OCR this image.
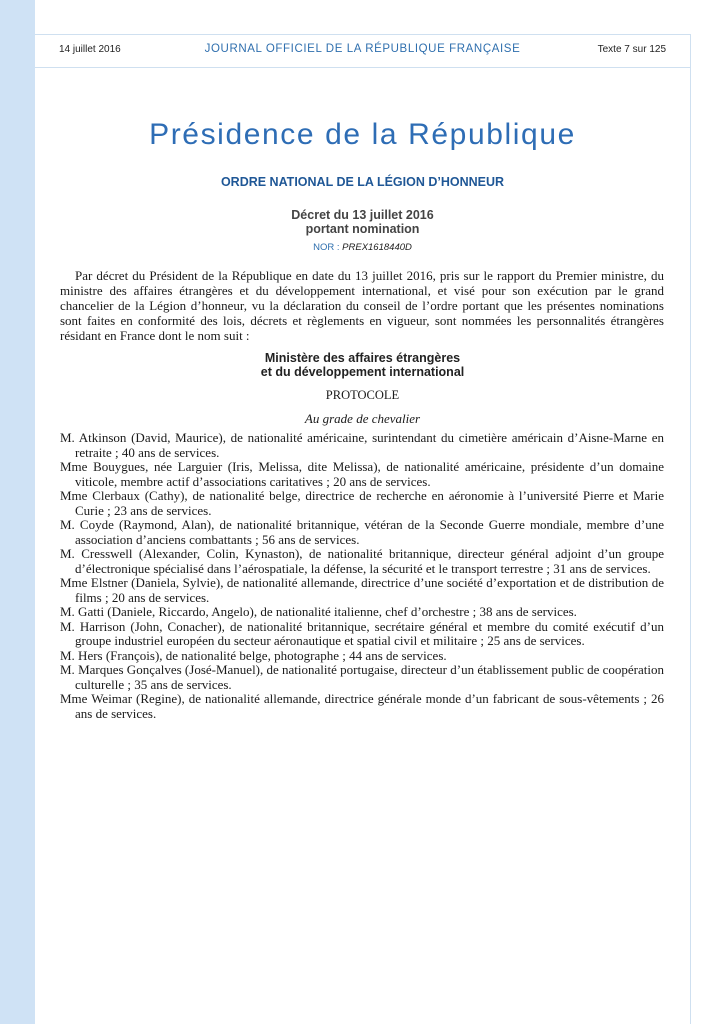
14 juillet 2016	JOURNAL OFFICIEL DE LA RÉPUBLIQUE FRANÇAISE	Texte 7 sur 125
Présidence de la République
ORDRE NATIONAL DE LA LÉGION D’HONNEUR
Décret du 13 juillet 2016
portant nomination
NOR : PREX1618440D

Par décret du Président de la République en date du 13 juillet 2016, pris sur le rapport du Premier ministre, du ministre des affaires étrangères et du développement international, et visé pour son exécution par le grand chancelier de la Légion d’honneur, vu la déclaration du conseil de l’ordre portant que les présentes nominations sont faites en conformité des lois, décrets et règlements en vigueur, sont nommées les personnalités étrangères résidant en France dont le nom suit :

Ministère des affaires étrangères
et du développement international
PROTOCOLE
Au grade de chevalier
M. Atkinson (David, Maurice), de nationalité américaine, surintendant du cimetière américain d’Aisne-Marne en retraite ; 40 ans de services.
Mme Bouygues, née Larguier (Iris, Melissa, dite Melissa), de nationalité américaine, présidente d’un domaine viticole, membre actif d’associations caritatives ; 20 ans de services.
Mme Clerbaux (Cathy), de nationalité belge, directrice de recherche en aéronomie à l’université Pierre et Marie Curie ; 23 ans de services.
M. Coyde (Raymond, Alan), de nationalité britannique, vétéran de la Seconde Guerre mondiale, membre d’une association d’anciens combattants ; 56 ans de services.
M. Cresswell (Alexander, Colin, Kynaston), de nationalité britannique, directeur général adjoint d’un groupe d’électronique spécialisé dans l’aérospatiale, la défense, la sécurité et le transport terrestre ; 31 ans de services.
Mme Elstner (Daniela, Sylvie), de nationalité allemande, directrice d’une société d’exportation et de distribution de films ; 20 ans de services.
M. Gatti (Daniele, Riccardo, Angelo), de nationalité italienne, chef d’orchestre ; 38 ans de services.
M. Harrison (John, Conacher), de nationalité britannique, secrétaire général et membre du comité exécutif d’un groupe industriel européen du secteur aéronautique et spatial civil et militaire ; 25 ans de services.
M. Hers (François), de nationalité belge, photographe ; 44 ans de services.
M. Marques Gonçalves (José-Manuel), de nationalité portugaise, directeur d’un établissement public de coopération culturelle ; 35 ans de services.
Mme Weimar (Regine), de nationalité allemande, directrice générale monde d’un fabricant de sous-vêtements ; 26 ans de services.
